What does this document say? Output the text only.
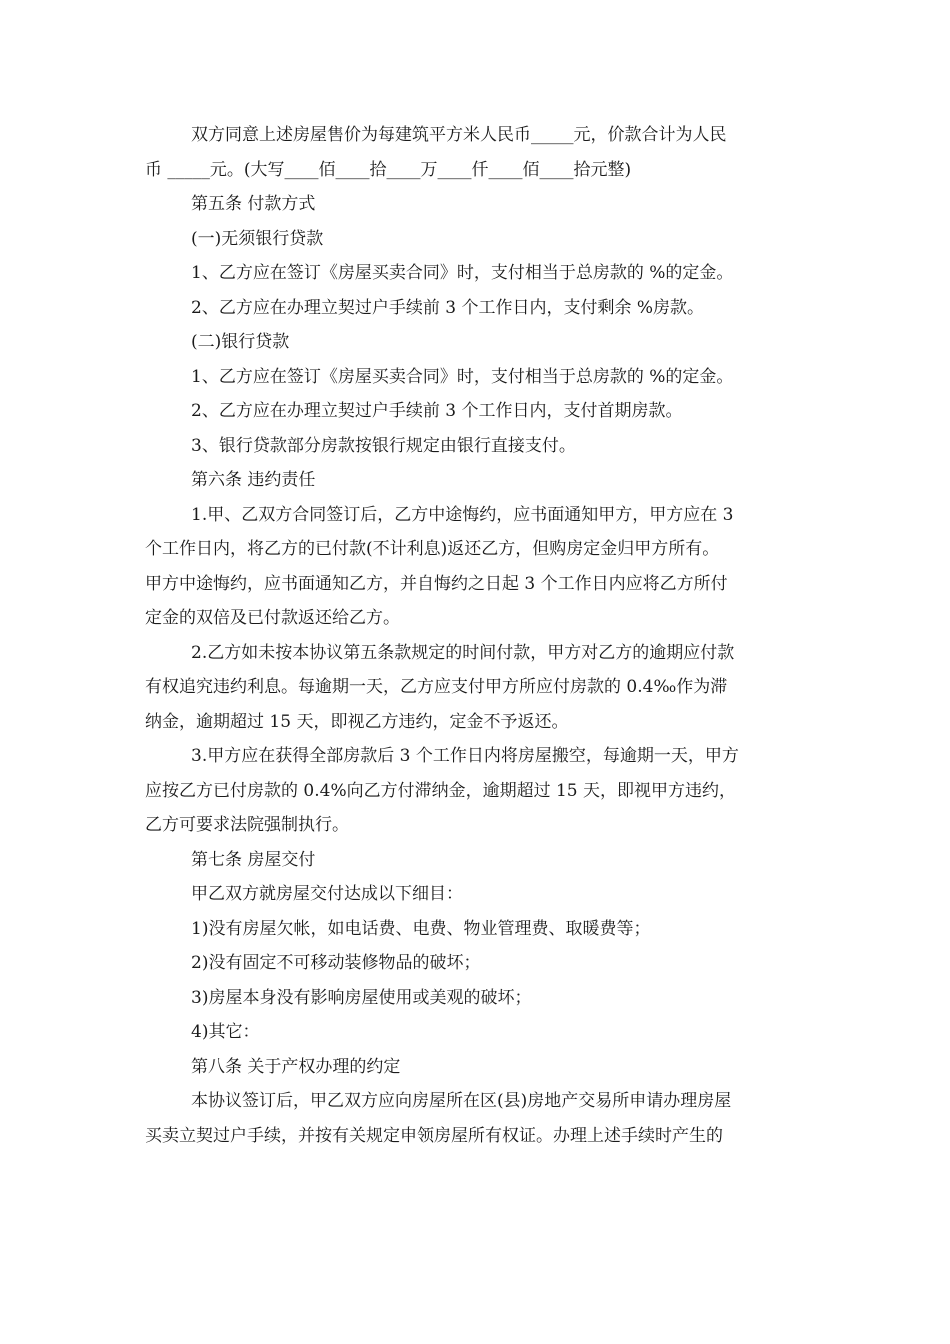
双方同意上述房屋售价为每建筑平方米人民币_____元，价款合计为人民

币 _____元。(大写____佰____拾____万____仟____佰____拾元整)

第五条 付款方式

(一)无须银行贷款

1、乙方应在签订《房屋买卖合同》时，支付相当于总房款的 %的定金。

2、乙方应在办理立契过户手续前 3 个工作日内，支付剩余 %房款。

(二)银行贷款

1、乙方应在签订《房屋买卖合同》时，支付相当于总房款的 %的定金。

2、乙方应在办理立契过户手续前 3 个工作日内，支付首期房款。

3、银行贷款部分房款按银行规定由银行直接支付。

第六条 违约责任

1.甲、乙双方合同签订后，乙方中途悔约，应书面通知甲方，甲方应在 3

个工作日内，将乙方的已付款(不计利息)返还乙方，但购房定金归甲方所有。

甲方中途悔约，应书面通知乙方，并自悔约之日起 3 个工作日内应将乙方所付

定金的双倍及已付款返还给乙方。

2.乙方如未按本协议第五条款规定的时间付款，甲方对乙方的逾期应付款

有权追究违约利息。每逾期一天，乙方应支付甲方所应付房款的 0.4‰作为滞

纳金，逾期超过 15 天，即视乙方违约，定金不予返还。

3.甲方应在获得全部房款后 3 个工作日内将房屋搬空，每逾期一天，甲方

应按乙方已付房款的 0.4%向乙方付滞纳金，逾期超过 15 天，即视甲方违约，

乙方可要求法院强制执行。

第七条 房屋交付

甲乙双方就房屋交付达成以下细目：

1)没有房屋欠帐，如电话费、电费、物业管理费、取暖费等；

2)没有固定不可移动装修物品的破坏；

3)房屋本身没有影响房屋使用或美观的破坏；

4)其它：

第八条 关于产权办理的约定

本协议签订后，甲乙双方应向房屋所在区(县)房地产交易所申请办理房屋

买卖立契过户手续，并按有关规定申领房屋所有权证。办理上述手续时产生的
